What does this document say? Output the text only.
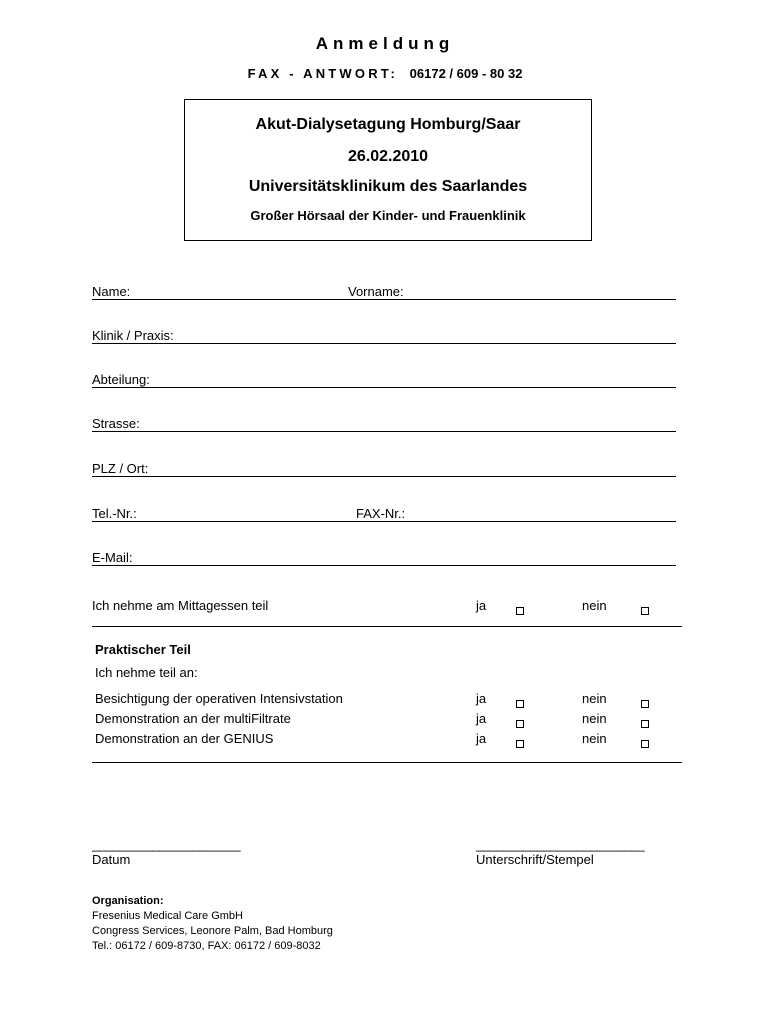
Anmeldung
FAX - ANTWORT: 06172 / 609 - 80 32
Akut-Dialysetagung Homburg/Saar
26.02.2010
Universitätsklinikum des Saarlandes
Großer Hörsaal der Kinder- und Frauenklinik
Name:	Vorname:
Klinik / Praxis:
Abteilung:
Strasse:
PLZ / Ort:
Tel.-Nr.:	FAX-Nr.:
E-Mail:
Ich nehme am Mittagessen teil	ja	nein
Praktischer Teil
Ich nehme teil an:
Besichtigung der operativen Intensivstation	ja	nein
Demonstration an der multiFiltrate	ja	nein
Demonstration an der GENIUS	ja	nein
______________________	_________________________
Datum	Unterschrift/Stempel
Organisation:
Fresenius Medical Care GmbH
Congress Services, Leonore Palm, Bad Homburg
Tel.: 06172 / 609-8730, FAX: 06172 / 609-8032
